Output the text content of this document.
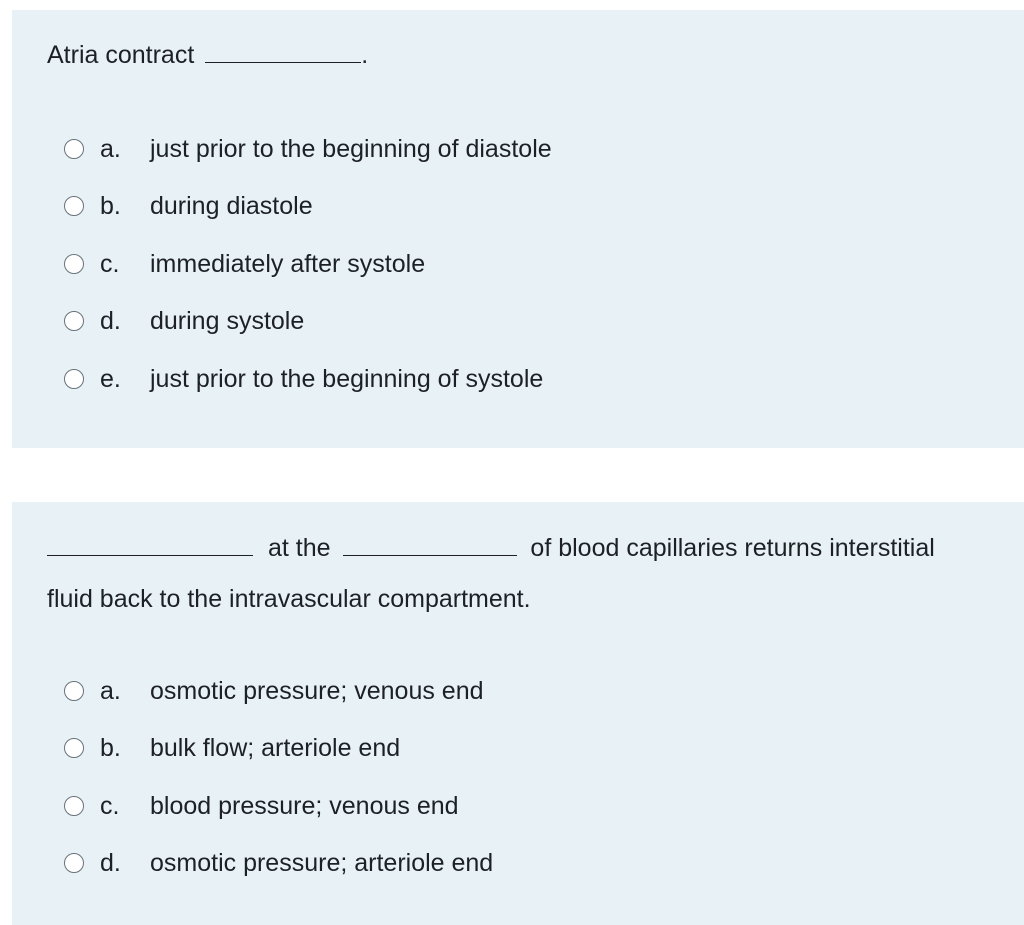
Atria contract	.
a. just prior to the beginning of diastole
b. during diastole
c. immediately after systole
d. during systole
e. just prior to the beginning of systole
at the	of blood capillaries returns interstitial
fluid back to the intravascular compartment.
a. osmotic pressure; venous end
b. bulk flow; arteriole end
c. blood pressure; venous end
d. osmotic pressure; arteriole end
